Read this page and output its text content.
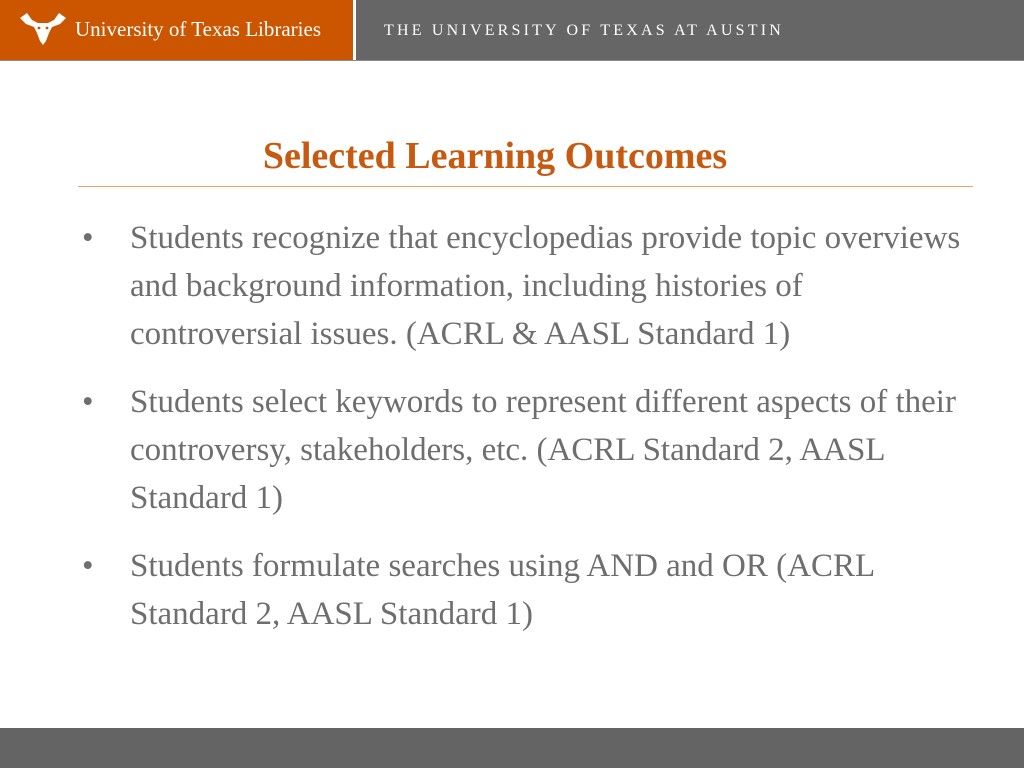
University of Texas Libraries	THE UNIVERSITY OF TEXAS AT AUSTIN
Selected Learning Outcomes
• Students recognize that encyclopedias provide topic overviews and background information, including histories of controversial issues. (ACRL & AASL Standard 1)
• Students select keywords to represent different aspects of their controversy, stakeholders, etc. (ACRL Standard 2, AASL Standard 1)
• Students formulate searches using AND and OR (ACRL Standard 2, AASL Standard 1)
